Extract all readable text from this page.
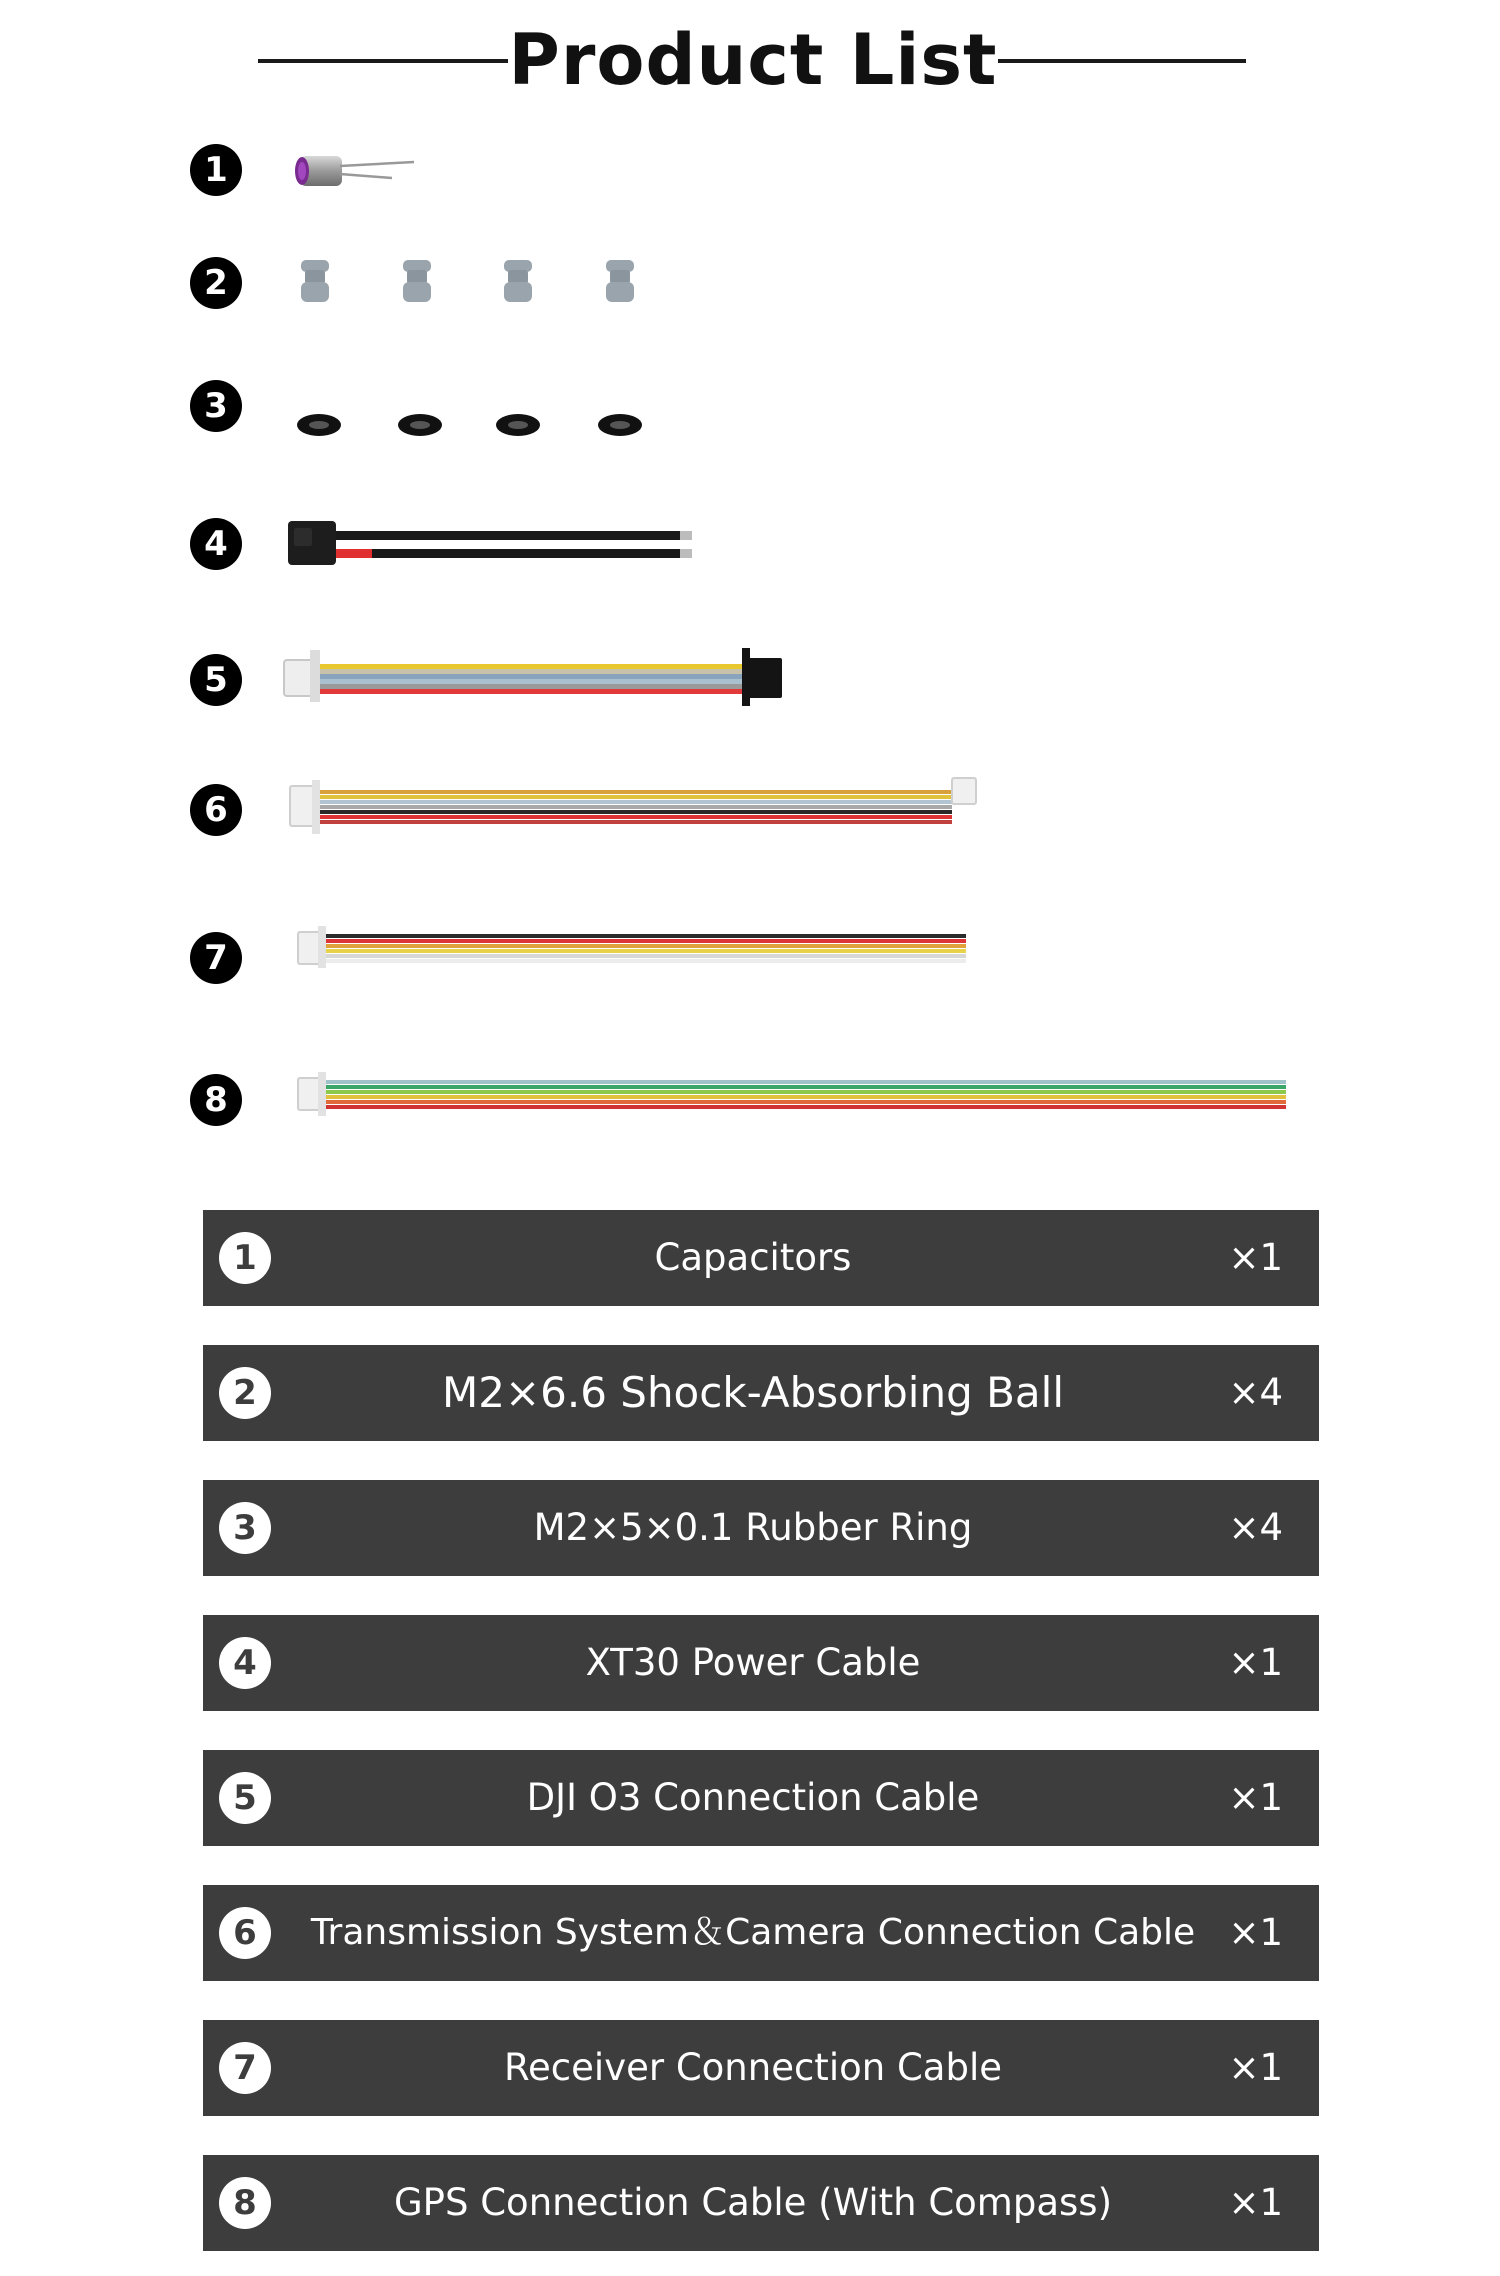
Product List
1
2
3
4
5
6
7
8
1	Capacitors	×1
2	M2×6.6 Shock-Absorbing Ball	×4
3	M2×5×0.1 Rubber Ring	×4
4	XT30 Power Cable	×1
5	DJI O3 Connection Cable	×1
6	Transmission System＆Camera Connection Cable ×1
7	Receiver Connection Cable	×1
8	GPS Connection Cable (With Compass)	×1
